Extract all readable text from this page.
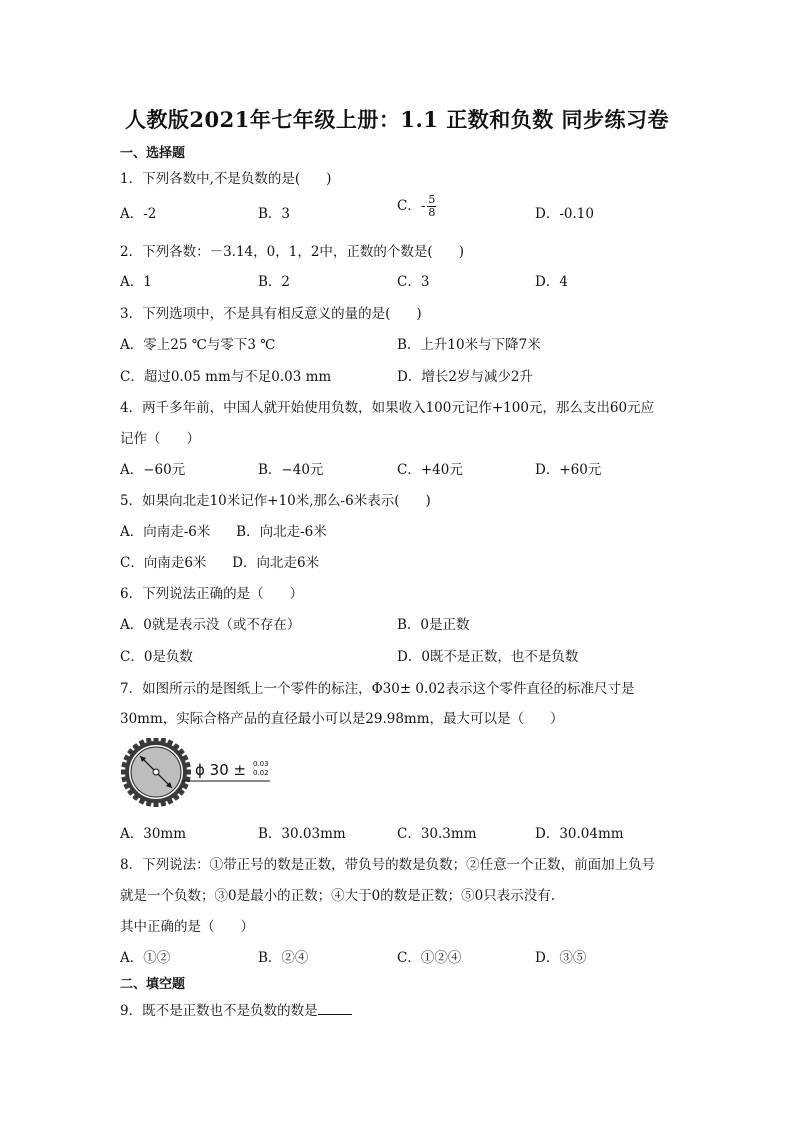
人教版2021年七年级上册：1.1 正数和负数 同步练习卷
一、选择题
1．下列各数中,不是负数的是( )
A．-2	B．3	C．- $\frac{5}{8}$	D．-0.10
2．下列各数：－3.14，0，1，2中，正数的个数是( )
A．1	B．2	C．3	D．4
3．下列选项中，不是具有相反意义的量的是( )
A．零上25 ℃与零下3 ℃	B．上升10米与下降7米
C．超过0.05 mm与不足0.03 mm	D．增长2岁与减少2升
4．两千多年前，中国人就开始使用负数，如果收入100元记作+100元，那么支出60元应
记作（ ）
A．−60元	B．−40元	C．+40元	D．+60元
5．如果向北走10米记作+10米,那么-6米表示( )
A．向南走-6米      B．向北走-6米
C．向南走6米      D．向北走6米
6．下列说法正确的是（ ）
A．0就是表示没（或不存在）	B．0是正数
C．0是负数	D．0既不是正数，也不是负数
7．如图所示的是图纸上一个零件的标注，Φ30± 0.02表示这个零件直径的标准尺寸是
30mm，实际合格产品的直径最小可以是29.98mm，最大可以是（ ）
ϕ 30 ± 0.03
0.02
A．30mm	B．30.03mm	C．30.3mm	D．30.04mm
8．下列说法：①带正号的数是正数，带负号的数是负数；②任意一个正数，前面加上负号
就是一个负数；③0是最小的正数；④大于0的数是正数；⑤0只表示没有.
其中正确的是（ ）
A．①②	B．②④	C．①②④	D．③⑤
二、填空题
9．既不是正数也不是负数的数是
